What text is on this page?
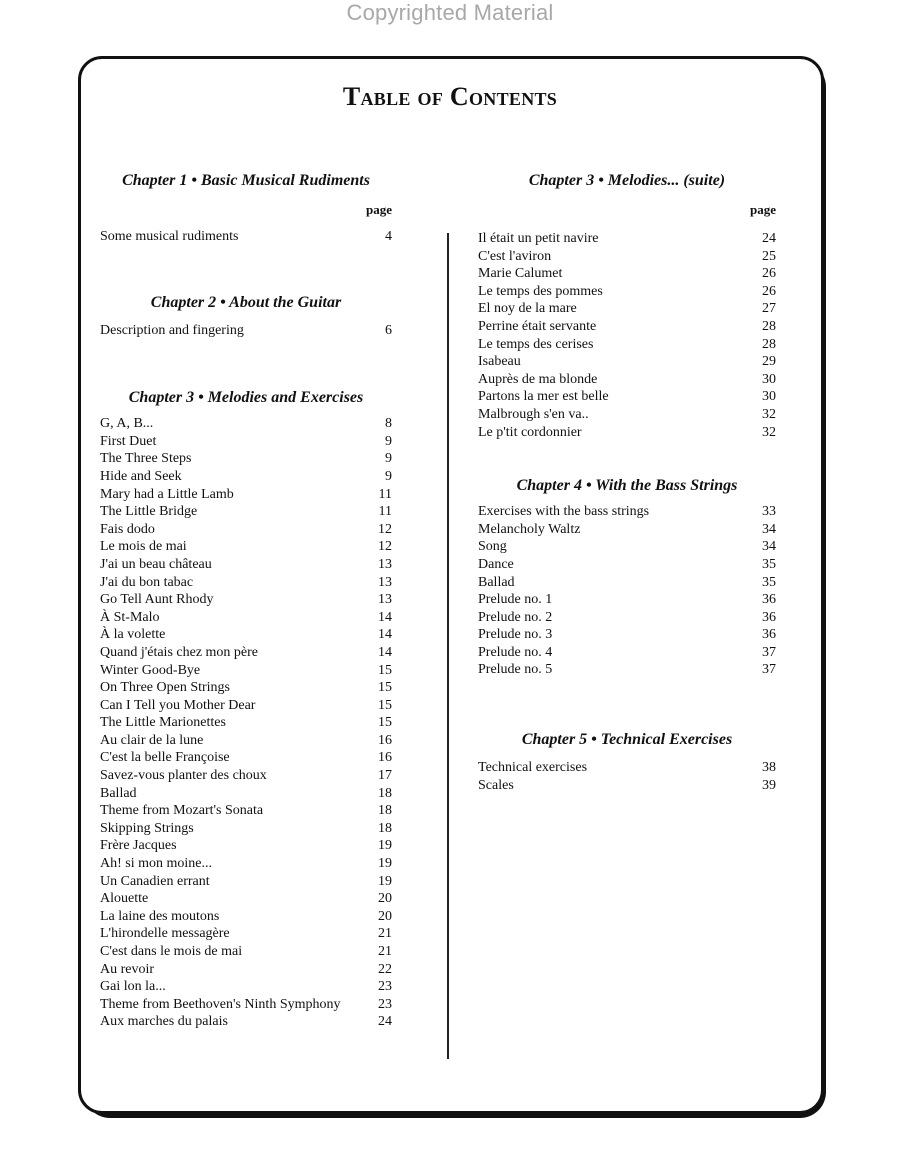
Copyrighted Material
Table of Contents
Chapter 1 • Basic Musical Rudiments
page
Some musical rudiments	4
Chapter 2 • About the Guitar
Description and fingering	6
Chapter 3 • Melodies and Exercises
G, A, B...	8
First Duet	9
The Three Steps	9
Hide and Seek	9
Mary had a Little Lamb	11
The Little Bridge	11
Fais dodo	12
Le mois de mai	12
J'ai un beau château	13
J'ai du bon tabac	13
Go Tell Aunt Rhody	13
À St-Malo	14
À la volette	14
Quand j'étais chez mon père	14
Winter Good-Bye	15
On Three Open Strings	15
Can I Tell you Mother Dear	15
The Little Marionettes	15
Au clair de la lune	16
C'est la belle Françoise	16
Savez-vous planter des choux	17
Ballad	18
Theme from Mozart's Sonata	18
Skipping Strings	18
Frère Jacques	19
Ah! si mon moine...	19
Un Canadien errant	19
Alouette	20
La laine des moutons	20
L'hirondelle messagère	21
C'est dans le mois de mai	21
Au revoir	22
Gai lon la...	23
Theme from Beethoven's Ninth Symphony	23
Aux marches du palais	24
Chapter 3 • Melodies... (suite)
page
Il était un petit navire	24
C'est l'aviron	25
Marie Calumet	26
Le temps des pommes	26
El noy de la mare	27
Perrine était servante	28
Le temps des cerises	28
Isabeau	29
Auprès de ma blonde	30
Partons la mer est belle	30
Malbrough s'en va..	32
Le p'tit cordonnier	32
Chapter 4 • With the Bass Strings
Exercises with the bass strings	33
Melancholy Waltz	34
Song	34
Dance	35
Ballad	35
Prelude no. 1	36
Prelude no. 2	36
Prelude no. 3	36
Prelude no. 4	37
Prelude no. 5	37
Chapter 5 • Technical Exercises
Technical exercises	38
Scales	39
